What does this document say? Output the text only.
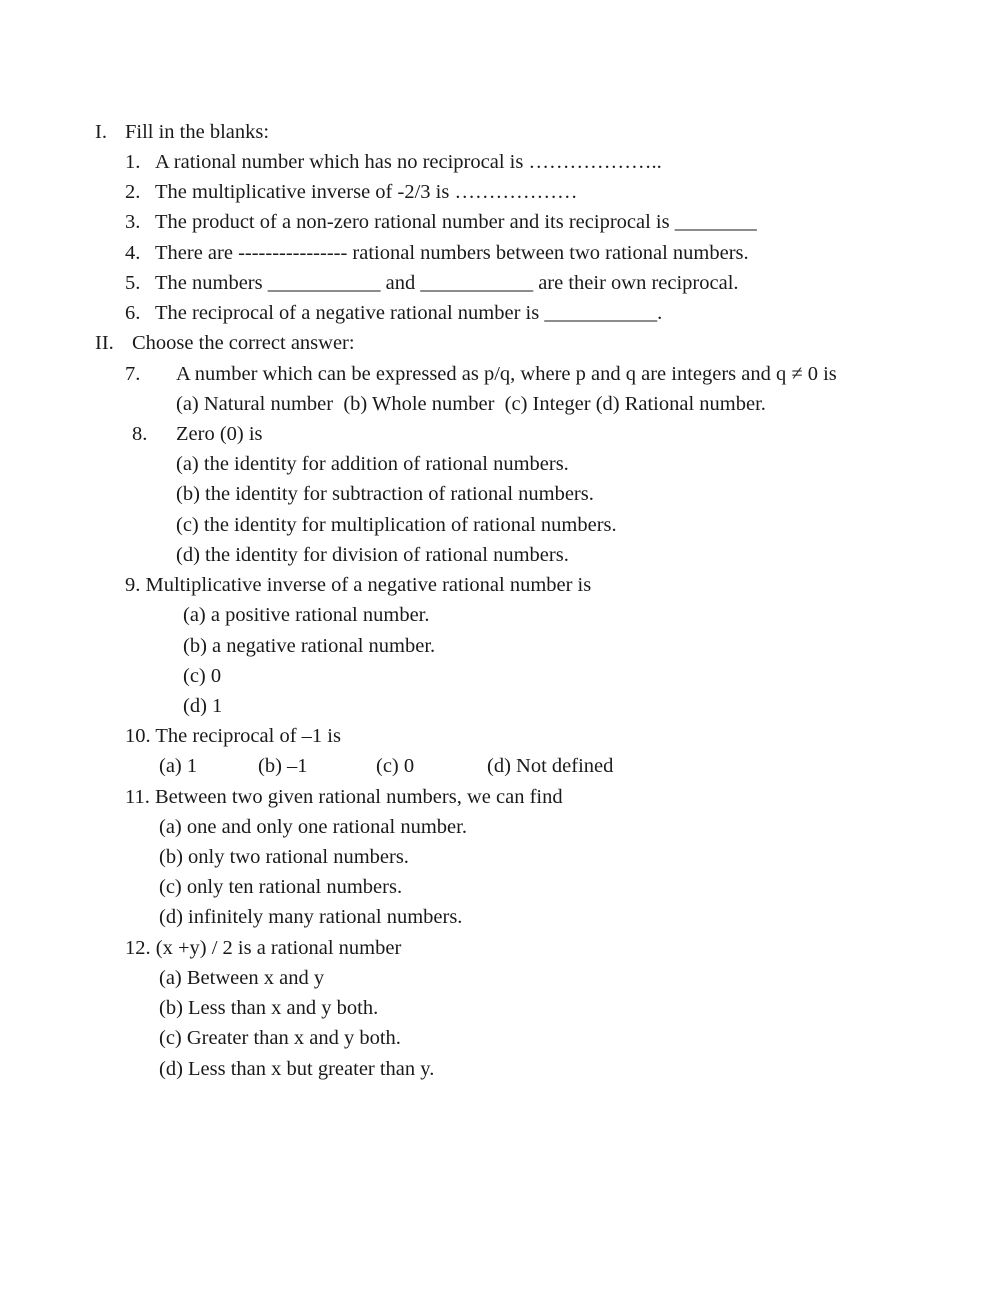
I. Fill in the blanks:
1. A rational number which has no reciprocal is ………………..
2. The multiplicative inverse of -2/3 is ………………
3. The product of a non-zero rational number and its reciprocal is ________
4. There are ---------------- rational numbers between two rational numbers.
5. The numbers ___________ and ___________ are their own reciprocal.
6. The reciprocal of a negative rational number is ___________.
II. Choose the correct answer:
7. A number which can be expressed as p/q, where p and q are integers and q ≠ 0 is
(a) Natural number  (b) Whole number  (c) Integer (d) Rational number.
8. Zero (0) is
(a) the identity for addition of rational numbers.
(b) the identity for subtraction of rational numbers.
(c) the identity for multiplication of rational numbers.
(d) the identity for division of rational numbers.
9. Multiplicative inverse of a negative rational number is
(a) a positive rational number.
(b) a negative rational number.
(c) 0
(d) 1
10. The reciprocal of –1 is
(a) 1	(b) –1	(c) 0	(d) Not defined
11. Between two given rational numbers, we can find
(a) one and only one rational number.
(b) only two rational numbers.
(c) only ten rational numbers.
(d) infinitely many rational numbers.
12. (x +y) / 2 is a rational number
(a) Between x and y
(b) Less than x and y both.
(c) Greater than x and y both.
(d) Less than x but greater than y.
